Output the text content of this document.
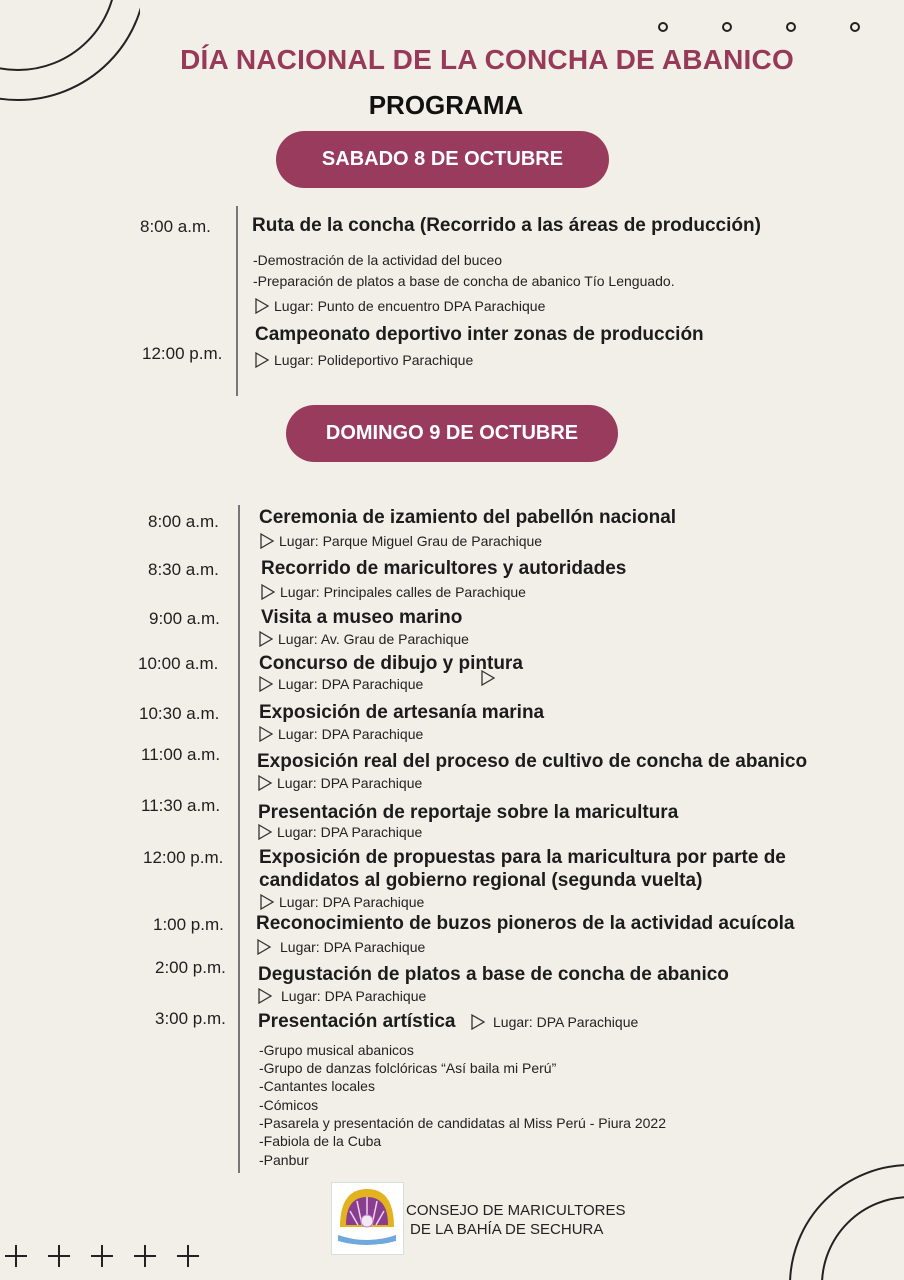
DÍA NACIONAL DE LA CONCHA DE ABANICO
PROGRAMA
SABADO 8 DE OCTUBRE
8:00 a.m. Ruta de la concha (Recorrido a las áreas de producción)
-Demostración de la actividad del buceo
-Preparación de platos a base de concha de abanico Tío Lenguado.
Lugar: Punto de encuentro DPA Parachique
Campeonato deportivo inter zonas de producción
12:00 p.m.	Lugar: Polideportivo Parachique
DOMINGO 9 DE OCTUBRE
8:00 a.m. Ceremonia de izamiento del pabellón nacional
Lugar: Parque Miguel Grau de Parachique
8:30 a.m. Recorrido de maricultores y autoridades
Lugar: Principales calles de Parachique
9:00 a.m. Visita a museo marino
Lugar: Av. Grau de Parachique
10:00 a.m. Concurso de dibujo y pintura
Lugar: DPA Parachique
10:30 a.m. Exposición de artesanía marina
Lugar: DPA Parachique
11:00 a.m. Exposición real del proceso de cultivo de concha de abanico
Lugar: DPA Parachique
11:30 a.m. Presentación de reportaje sobre la maricultura
Lugar: DPA Parachique
12:00 p.m. Exposición de propuestas para la maricultura por parte de
candidatos al gobierno regional (segunda vuelta)
Lugar: DPA Parachique
1:00 p.m. Reconocimiento de buzos pioneros de la actividad acuícola
Lugar: DPA Parachique
2:00 p.m. Degustación de platos a base de concha de abanico
Lugar: DPA Parachique
3:00 p.m. Presentación artística	Lugar: DPA Parachique
-Grupo musical abanicos
-Grupo de danzas folclóricas “Así baila mi Perú”
-Cantantes locales
-Cómicos
-Pasarela y presentación de candidatas al Miss Perú - Piura 2022
-Fabiola de la Cuba
-Panbur
CONSEJO DE MARICULTORES
DE LA BAHÍA DE SECHURA
